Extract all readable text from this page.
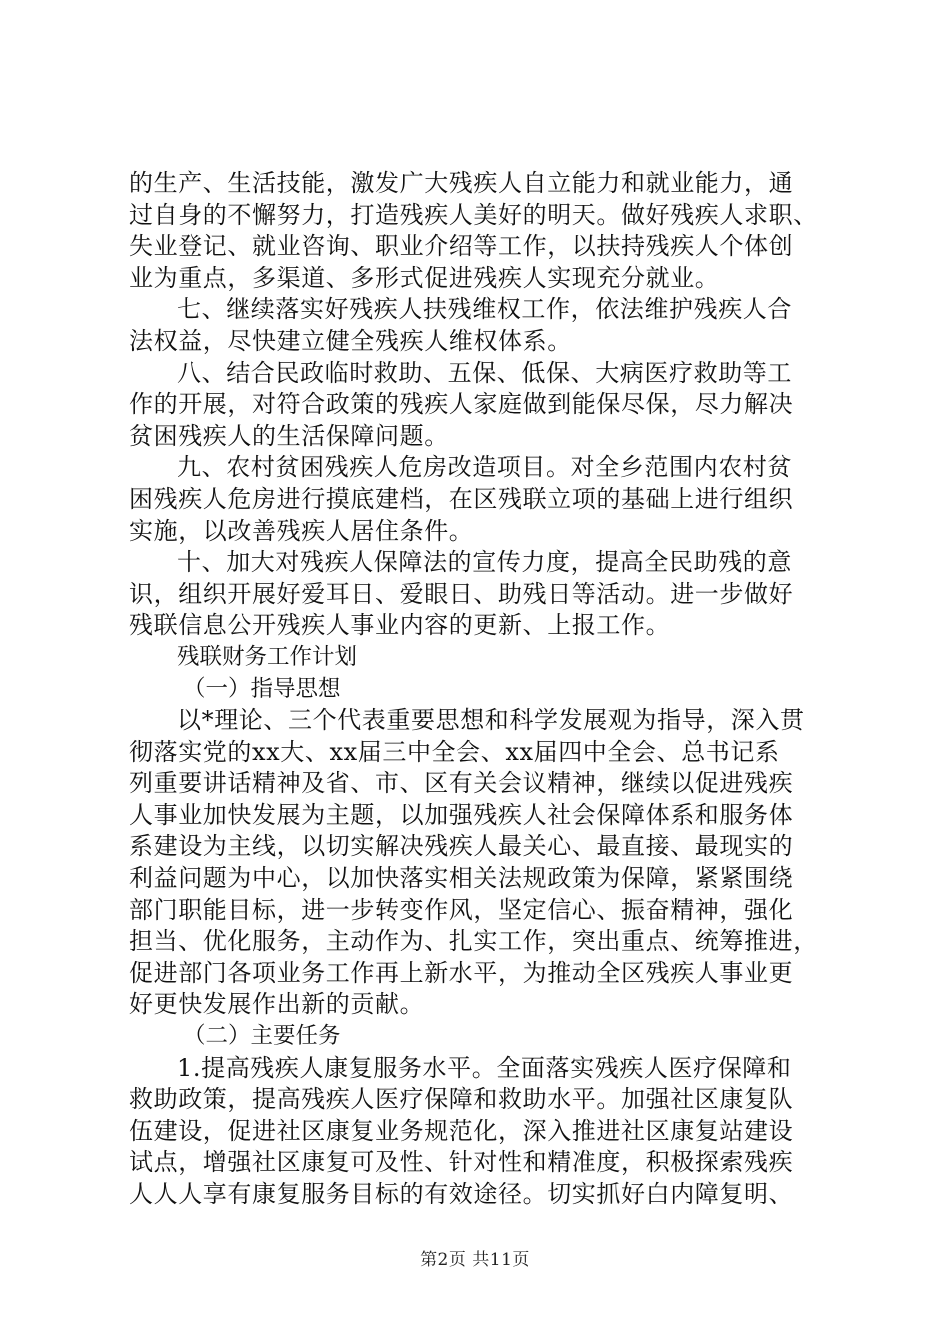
的生产、生活技能，激发广大残疾人自立能力和就业能力，通
过自身的不懈努力，打造残疾人美好的明天。做好残疾人求职、
失业登记、就业咨询、职业介绍等工作，以扶持残疾人个体创
业为重点，多渠道、多形式促进残疾人实现充分就业。
七、继续落实好残疾人扶残维权工作，依法维护残疾人合
法权益，尽快建立健全残疾人维权体系。
八、结合民政临时救助、五保、低保、大病医疗救助等工
作的开展，对符合政策的残疾人家庭做到能保尽保，尽力解决
贫困残疾人的生活保障问题。
九、农村贫困残疾人危房改造项目。对全乡范围内农村贫
困残疾人危房进行摸底建档，在区残联立项的基础上进行组织
实施，以改善残疾人居住条件。
十、加大对残疾人保障法的宣传力度，提高全民助残的意
识，组织开展好爱耳日、爱眼日、助残日等活动。进一步做好
残联信息公开残疾人事业内容的更新、上报工作。
残联财务工作计划
（一）指导思想
以*理论、三个代表重要思想和科学发展观为指导，深入贯
彻落实党的xx大、xx届三中全会、xx届四中全会、总书记系
列重要讲话精神及省、市、区有关会议精神，继续以促进残疾
人事业加快发展为主题，以加强残疾人社会保障体系和服务体
系建设为主线，以切实解决残疾人最关心、最直接、最现实的
利益问题为中心，以加快落实相关法规政策为保障，紧紧围绕
部门职能目标，进一步转变作风，坚定信心、振奋精神，强化
担当、优化服务，主动作为、扎实工作，突出重点、统筹推进，
促进部门各项业务工作再上新水平，为推动全区残疾人事业更
好更快发展作出新的贡献。
（二）主要任务
1.提高残疾人康复服务水平。全面落实残疾人医疗保障和
救助政策，提高残疾人医疗保障和救助水平。加强社区康复队
伍建设，促进社区康复业务规范化，深入推进社区康复站建设
试点，增强社区康复可及性、针对性和精准度，积极探索残疾
人人人享有康复服务目标的有效途径。切实抓好白内障复明、
第2页 共11页
